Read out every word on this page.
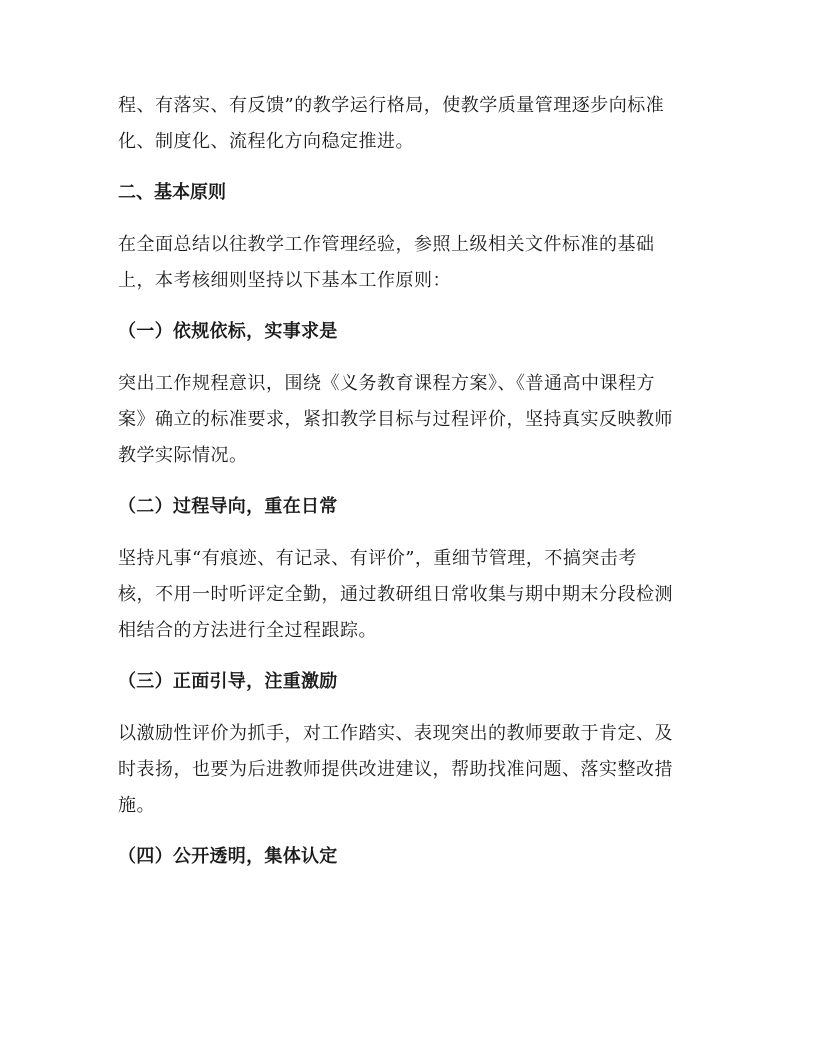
程、有落实、有反馈”的教学运行格局，使教学质量管理逐步向标准
化、制度化、流程化方向稳定推进。

二、基本原则

在全面总结以往教学工作管理经验，参照上级相关文件标准的基础
上，本考核细则坚持以下基本工作原则：

（一）依规依标，实事求是

突出工作规程意识，围绕《义务教育课程方案》、《普通高中课程方
案》确立的标准要求，紧扣教学目标与过程评价，坚持真实反映教师
教学实际情况。

（二）过程导向，重在日常

坚持凡事“有痕迹、有记录、有评价”，重细节管理，不搞突击考
核，不用一时听评定全勤，通过教研组日常收集与期中期末分段检测
相结合的方法进行全过程跟踪。

（三）正面引导，注重激励

以激励性评价为抓手，对工作踏实、表现突出的教师要敢于肯定、及
时表扬，也要为后进教师提供改进建议，帮助找准问题、落实整改措
施。

（四）公开透明，集体认定
